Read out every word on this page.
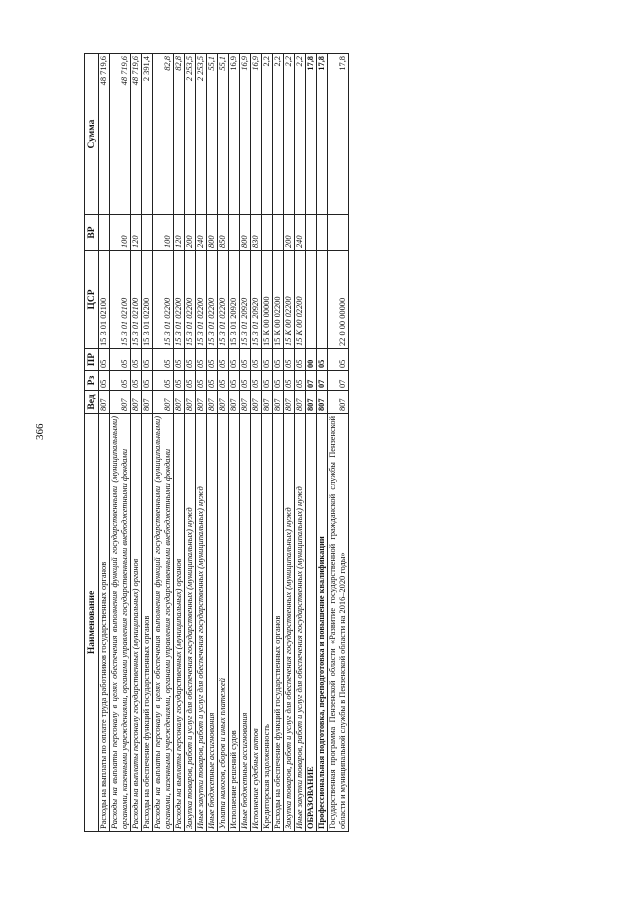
366
Наименование	Вед	Рз	ПР	ЦСР	ВР	Сумма
Расходы на выплаты по оплате труда работников государственных органов	807	05	05	15 3 01 02100		48 719,6
Расходы на выплаты персоналу в целях обеспечения выполнения функций государственными (муниципальными) органами, казенными учреждениями, органами управления государственными внебюджетными фондами	807	05	05	15 3 01 02100	100	48 719,6
Расходы на выплаты персоналу государственных (муниципальных) органов	807	05	05	15 3 01 02100	120	48 719,6
Расходы на обеспечение функций государственных органов	807	05	05	15 3 01 02200		2 391,4
Расходы на выплаты персоналу в целях обеспечения выполнения функций государственными (муниципальными) органами, казенными учреждениями, органами управления государственными внебюджетными фондами	807	05	05	15 3 01 02200	100	82,8
Расходы на выплаты персоналу государственных (муниципальных) органов	807	05	05	15 3 01 02200	120	82,8
Закупка товаров, работ и услуг для обеспечения государственных (муниципальных) нужд	807	05	05	15 3 01 02200	200	2 253,5
Иные закупки товаров, работ и услуг для обеспечения государственных (муниципальных) нужд	807	05	05	15 3 01 02200	240	2 253,5
Иные бюджетные ассигнования	807	05	05	15 3 01 02200	800	55,1
Уплата налогов, сборов и иных платежей	807	05	05	15 3 01 02200	850	55,1
Исполнение решений судов	807	05	05	15 3 01 20920		16,9
Иные бюджетные ассигнования	807	05	05	15 3 01 20920	800	16,9
Исполнение судебных актов	807	05	05	15 3 01 20920	830	16,9
Кредиторская задолженность	807	05	05	15 К 00 00000		2,2
Расходы на обеспечение функций государственных органов	807	05	05	15 К 00 02200		2,2
Закупка товаров, работ и услуг для обеспечения государственных (муниципальных) нужд	807	05	05	15 К 00 02200	200	2,2
Иные закупки товаров, работ и услуг для обеспечения государственных (муниципальных) нужд	807	05	05	15 К 00 02200	240	2,2
ОБРАЗОВАНИЕ	807	07	00			17,8
Профессиональная подготовка, переподготовка и повышение квалификации	807	07	05			17,8
Государственная программа Пензенской области «Развитие государственной гражданской службы Пензенской области и муниципальной службы в Пензенской области на 2016–2020 годы»	807	07	05	22 0 00 00000		17,8
